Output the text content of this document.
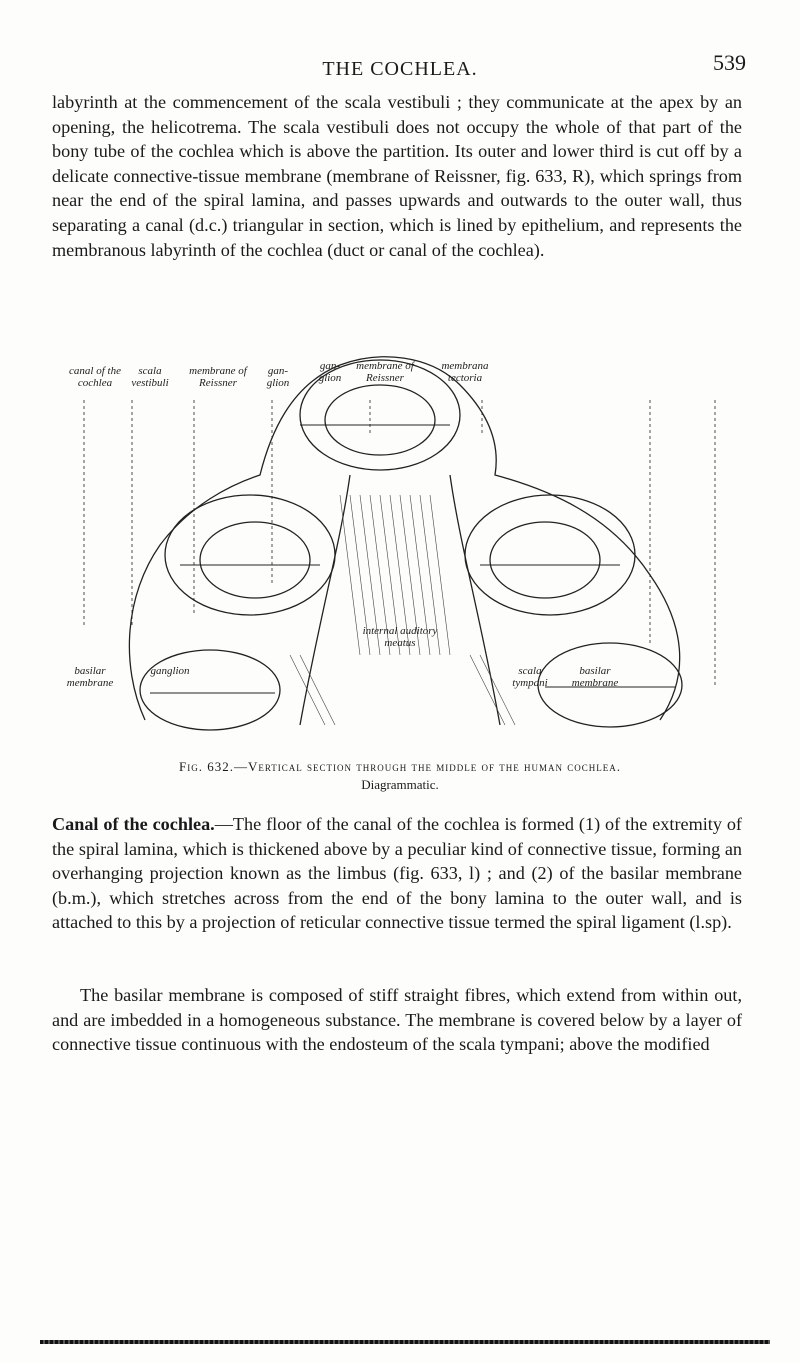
THE COCHLEA.	539

labyrinth at the commencement of the scala vestibuli ; they communicate at the apex by an opening, the helicotrema. The scala vestibuli does not occupy the whole of that part of the bony tube of the cochlea which is above the partition. Its outer and lower third is cut off by a delicate connective-tissue membrane (membrane of Reissner, fig. 633, R), which springs from near the end of the spiral lamina, and passes upwards and outwards to the outer wall, thus separating a canal (d.c.) triangular in section, which is lined by epithelium, and represents the membranous labyrinth of the cochlea (duct or canal of the cochlea).

canal of the cochlea
scala vestibuli
membrane of Reissner
gan- glion
gan- glion
membrane of Reissner
membrana tectoria
internal auditory meatus
basilar membrane
ganglion	scala tympani
basilar membrane
Fig. 632.—Vertical section through the middle of the human cochlea.
Diagrammatic.

Canal of the cochlea.—The floor of the canal of the cochlea is formed (1) of the extremity of the spiral lamina, which is thickened above by a peculiar kind of connective tissue, forming an overhanging projection known as the limbus (fig. 633, l) ; and (2) of the basilar membrane (b.m.), which stretches across from the end of the bony lamina to the outer wall, and is attached to this by a projection of reticular connective tissue termed the spiral ligament (l.sp).

The basilar membrane is composed of stiff straight fibres, which extend from within out, and are imbedded in a homogeneous substance. The membrane is covered below by a layer of connective tissue continuous with the endosteum of the scala tympani; above the modified
